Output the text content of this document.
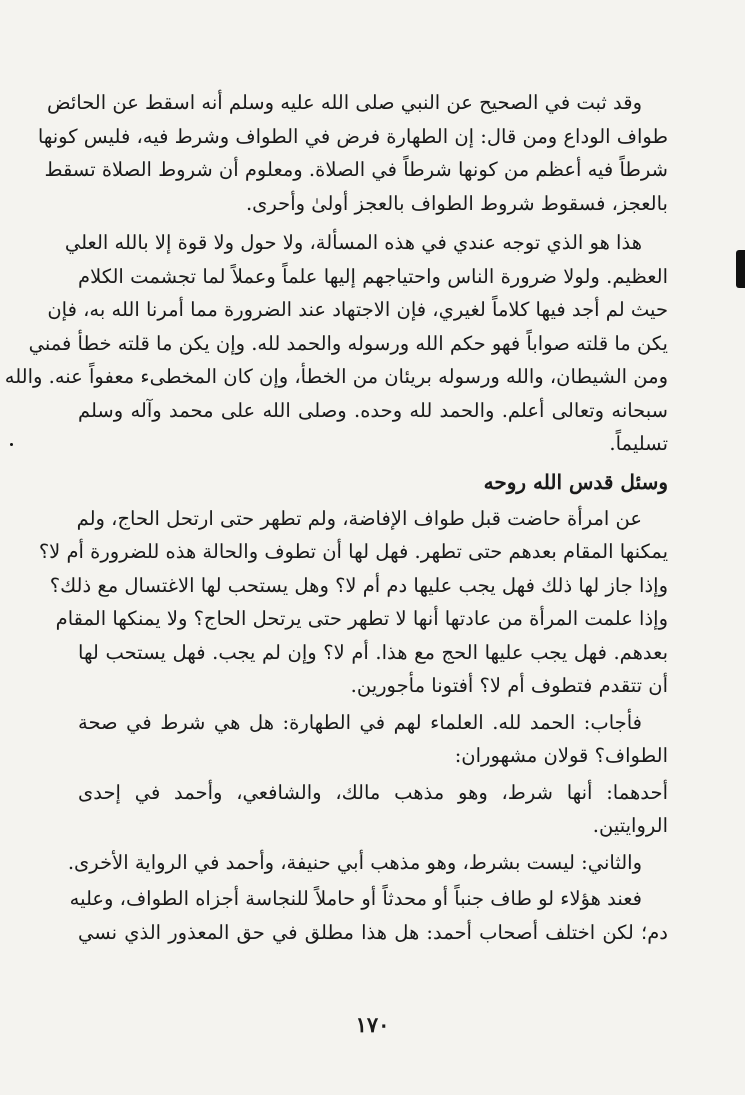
وقد ثبت في الصحيح عن النبي صلى الله عليه وسلم أنه اسقط عن الحائض
طواف الوداع ومن قال: إن الطهارة فرض في الطواف وشرط فيه، فليس كونها
شرطاً فيه أعظم من كونها شرطاً في الصلاة. ومعلوم أن شروط الصلاة تسقط
بالعجز، فسقوط شروط الطواف بالعجز أولىٰ وأحرى.
هذا هو الذي توجه عندي في هذه المسألة، ولا حول ولا قوة إلا بالله العلي
العظيم. ولولا ضرورة الناس واحتياجهم إليها علماً وعملاً لما تجشمت الكلام
حيث لم أجد فيها كلاماً لغيري، فإن الاجتهاد عند الضرورة مما أمرنا الله به، فإن
يكن ما قلته صواباً فهو حكم الله ورسوله والحمد لله. وإن يكن ما قلته خطأ فمني
ومن الشيطان، والله ورسوله بريئان من الخطأ، وإن كان المخطىء معفواً عنه. والله
سبحانه وتعالى أعلم. والحمد لله وحده. وصلى الله على محمد وآله وسلم
تسليماً.
وسئل قدس الله روحه
عن امرأة حاضت قبل طواف الإفاضة، ولم تطهر حتى ارتحل الحاج، ولم
يمكنها المقام بعدهم حتى تطهر. فهل لها أن تطوف والحالة هذه للضرورة أم لا؟
وإذا جاز لها ذلك فهل يجب عليها دم أم لا؟ وهل يستحب لها الاغتسال مع ذلك؟
وإذا علمت المرأة من عادتها أنها لا تطهر حتى يرتحل الحاج؟ ولا يمنكها المقام
بعدهم. فهل يجب عليها الحج مع هذا. أم لا؟ وإن لم يجب. فهل يستحب لها
أن تتقدم فتطوف أم لا؟ أفتونا مأجورين.
فأجاب: الحمد لله. العلماء لهم في الطهارة: هل هي شرط في صحة
الطواف؟ قولان مشهوران:
أحدهما: أنها شرط، وهو مذهب مالك، والشافعي، وأحمد في إحدى
الروايتين.
والثاني: ليست بشرط، وهو مذهب أبي حنيفة، وأحمد في الرواية الأخرى.
فعند هؤلاء لو طاف جنباً أو محدثاً أو حاملاً للنجاسة أجزاه الطواف، وعليه
دم؛ لكن اختلف أصحاب أحمد: هل هذا مطلق في حق المعذور الذي نسي
١٧٠
